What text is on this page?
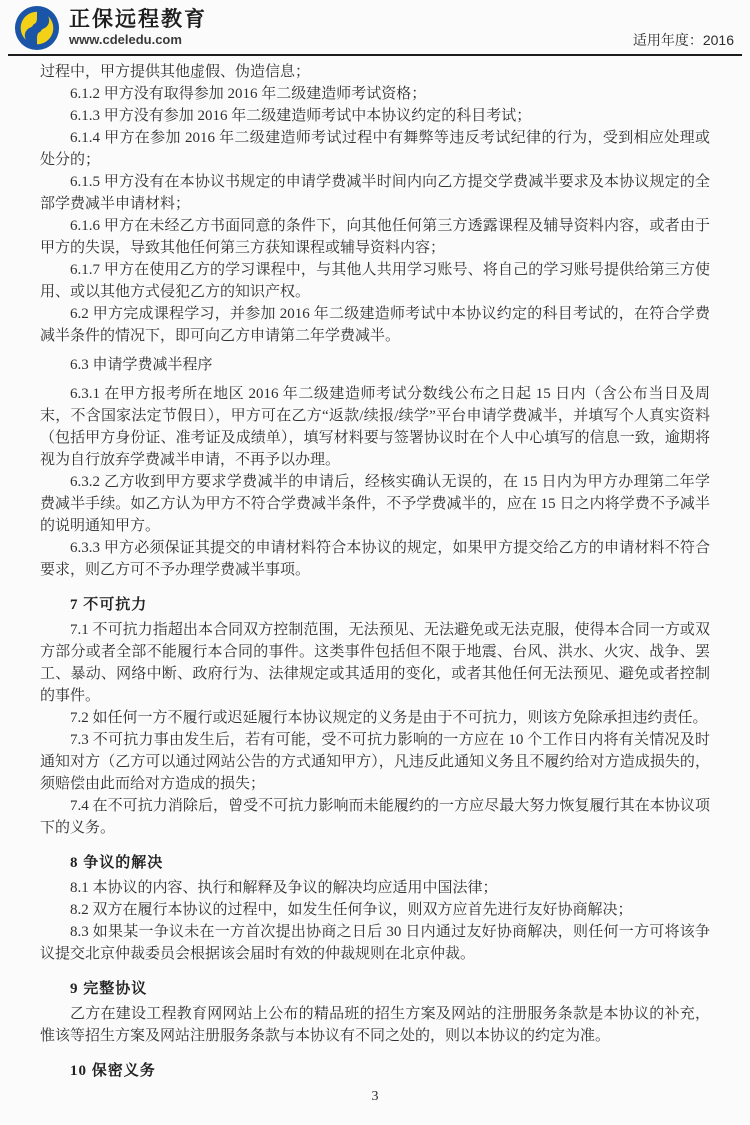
正保远程教育
www.cdeledu.com	适用年度：2016

过程中，甲方提供其他虚假、伪造信息；

6.1.2 甲方没有取得参加 2016 年二级建造师考试资格；

6.1.3 甲方没有参加 2016 年二级建造师考试中本协议约定的科目考试；

6.1.4 甲方在参加 2016 年二级建造师考试过程中有舞弊等违反考试纪律的行为，受到相应处理或处分的；

6.1.5 甲方没有在本协议书规定的申请学费减半时间内向乙方提交学费减半要求及本协议规定的全部学费减半申请材料；

6.1.6 甲方在未经乙方书面同意的条件下，向其他任何第三方透露课程及辅导资料内容，或者由于甲方的失误，导致其他任何第三方获知课程或辅导资料内容；

6.1.7 甲方在使用乙方的学习课程中，与其他人共用学习账号、将自己的学习账号提供给第三方使用、或以其他方式侵犯乙方的知识产权。

6.2 甲方完成课程学习，并参加 2016 年二级建造师考试中本协议约定的科目考试的，在符合学费减半条件的情况下，即可向乙方申请第二年学费减半。

6.3 申请学费减半程序

6.3.1 在甲方报考所在地区 2016 年二级建造师考试分数线公布之日起 15 日内（含公布当日及周末，不含国家法定节假日），甲方可在乙方“返款/续报/续学”平台申请学费减半，并填写个人真实资料（包括甲方身份证、准考证及成绩单），填写材料要与签署协议时在个人中心填写的信息一致，逾期将视为自行放弃学费减半申请，不再予以办理。

6.3.2 乙方收到甲方要求学费减半的申请后，经核实确认无误的，在 15 日内为甲方办理第二年学费减半手续。如乙方认为甲方不符合学费减半条件，不予学费减半的，应在 15 日之内将学费不予减半的说明通知甲方。

6.3.3 甲方必须保证其提交的申请材料符合本协议的规定，如果甲方提交给乙方的申请材料不符合要求，则乙方可不予办理学费减半事项。

7 不可抗力

7.1 不可抗力指超出本合同双方控制范围，无法预见、无法避免或无法克服，使得本合同一方或双方部分或者全部不能履行本合同的事件。这类事件包括但不限于地震、台风、洪水、火灾、战争、罢工、暴动、网络中断、政府行为、法律规定或其适用的变化，或者其他任何无法预见、避免或者控制的事件。

7.2 如任何一方不履行或迟延履行本协议规定的义务是由于不可抗力，则该方免除承担违约责任。

7.3 不可抗力事由发生后，若有可能，受不可抗力影响的一方应在 10 个工作日内将有关情况及时通知对方（乙方可以通过网站公告的方式通知甲方），凡违反此通知义务且不履约给对方造成损失的，须赔偿由此而给对方造成的损失；

7.4 在不可抗力消除后，曾受不可抗力影响而未能履约的一方应尽最大努力恢复履行其在本协议项下的义务。

8 争议的解决

8.1 本协议的内容、执行和解释及争议的解决均应适用中国法律；

8.2 双方在履行本协议的过程中，如发生任何争议，则双方应首先进行友好协商解决；

8.3 如果某一争议未在一方首次提出协商之日后 30 日内通过友好协商解决，则任何一方可将该争议提交北京仲裁委员会根据该会届时有效的仲裁规则在北京仲裁。

9 完整协议

乙方在建设工程教育网网站上公布的精品班的招生方案及网站的注册服务条款是本协议的补充，惟该等招生方案及网站注册服务条款与本协议有不同之处的，则以本协议的约定为准。

10 保密义务

3
